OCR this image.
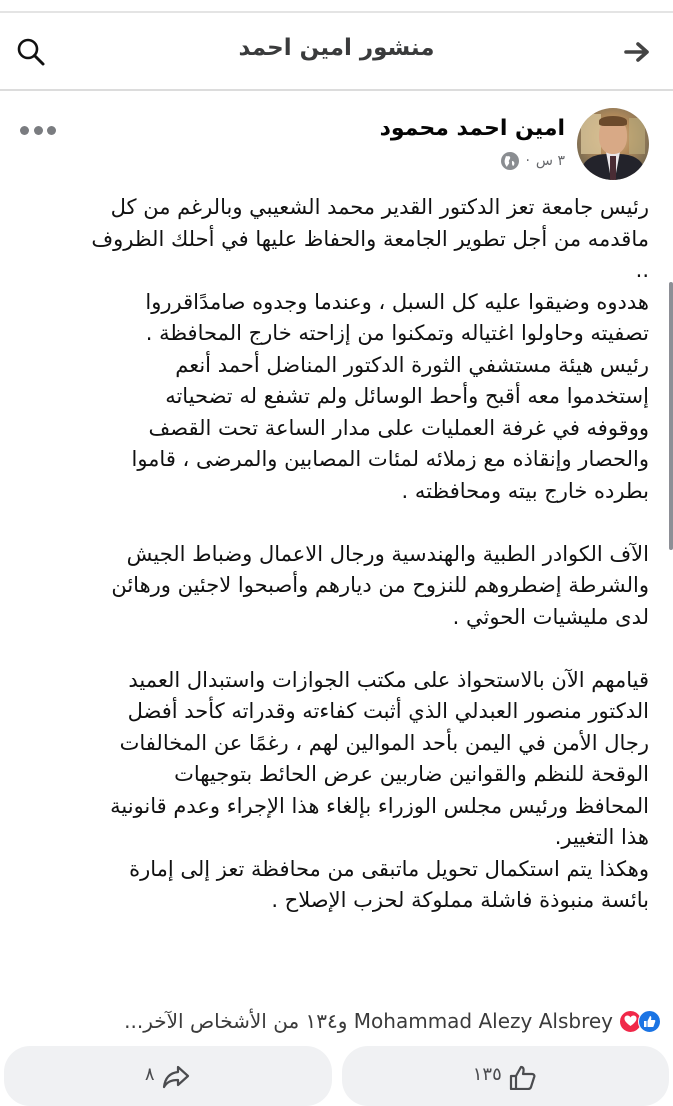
منشور امين احمد
امين احمد محمود
٣ س
·

رئيس جامعة تعز الدكتور القدير محمد الشعيبي وبالرغم من كل

ماقدمه من أجل تطوير الجامعة والحفاظ عليها في أحلك الظروف

..

هددوه وضيقوا عليه كل السبل ، وعندما وجدوه صامدًاقرروا

تصفيته وحاولوا اغتياله وتمكنوا من إزاحته خارج المحافظة .

رئيس هيئة مستشفي الثورة الدكتور المناضل أحمد أنعم

إستخدموا معه أقبح وأحط الوسائل ولم تشفع له تضحياته

ووقوفه في غرفة العمليات على مدار الساعة تحت القصف

والحصار وإنقاذه مع زملائه لمئات المصابين والمرضى ، قاموا

بطرده خارج بيته ومحافظته .

الآف الكوادر الطبية والهندسية ورجال الاعمال وضباط الجيش

والشرطة إضطروهم للنزوح من ديارهم وأصبحوا لاجئين ورهائن

لدى مليشيات الحوثي .

قيامهم الآن بالاستحواذ على مكتب الجوازات واستبدال العميد

الدكتور منصور العبدلي الذي أثبت كفاءته وقدراته كأحد أفضل

رجال الأمن في اليمن بأحد الموالين لهم ، رغمًا عن المخالفات

الوقحة للنظم والقوانين ضاربين عرض الحائط بتوجيهات

المحافظ ورئيس مجلس الوزراء بإلغاء هذا الإجراء وعدم قانونية

هذا التغيير.

وهكذا يتم استكمال تحويل ماتبقى من محافظة تعز إلى إمارة

بائسة منبوذة فاشلة مملوكة لحزب الإصلاح .

Mohammad Alezy Alsbrey و١٣٤ من الأشخاص الآخر...
١٣٥
٨
